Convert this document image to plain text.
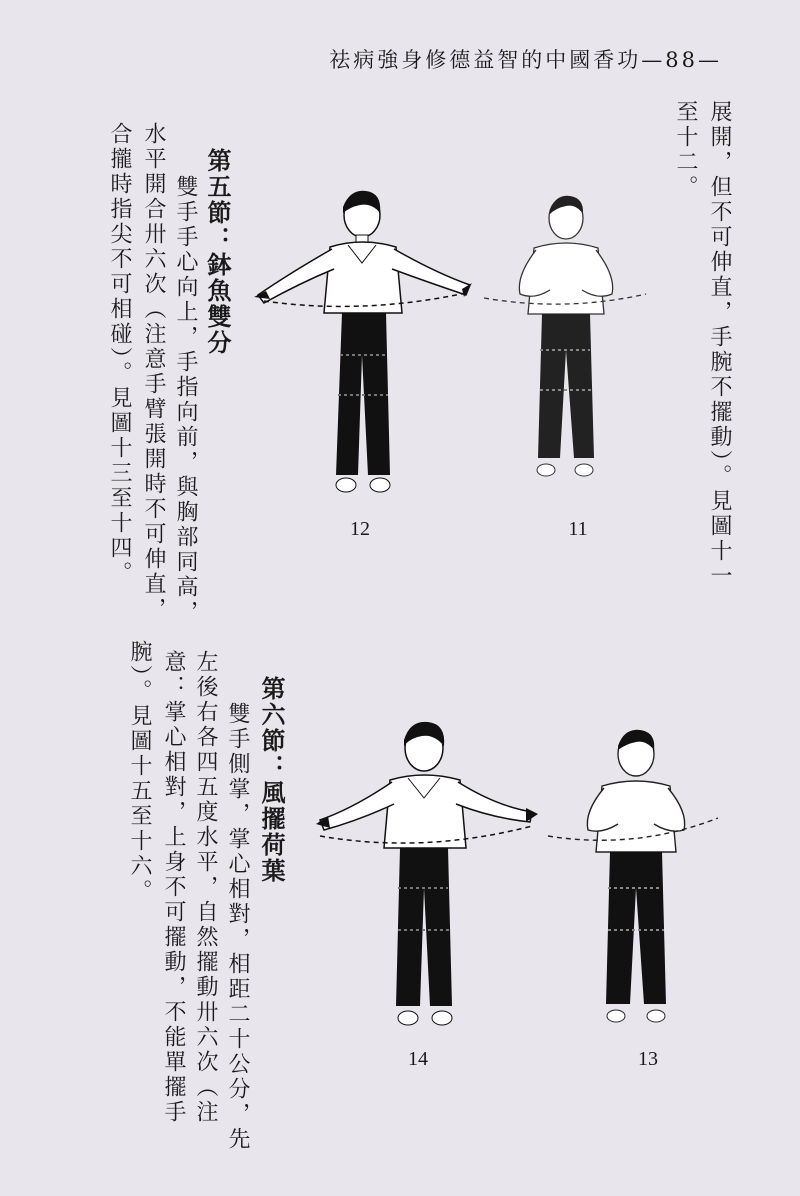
祛病強身修德益智的中國香功—88—
展開，但不可伸直，手腕不擺動）。見圖十一
至十二。
第五節：鉢魚雙分
雙手手心向上，手指向前，與胸部同高，
水平開合卅六次（注意手臂張開時不可伸直，
合攏時指尖不可相碰）。見圖十三至十四。
第六節：風擺荷葉
雙手側掌，掌心相對，相距二十公分，先
左後右各四五度水平，自然擺動卅六次（注
意：掌心相對，上身不可擺動，不能單擺手
腕）。見圖十五至十六。
12	11
14	13
